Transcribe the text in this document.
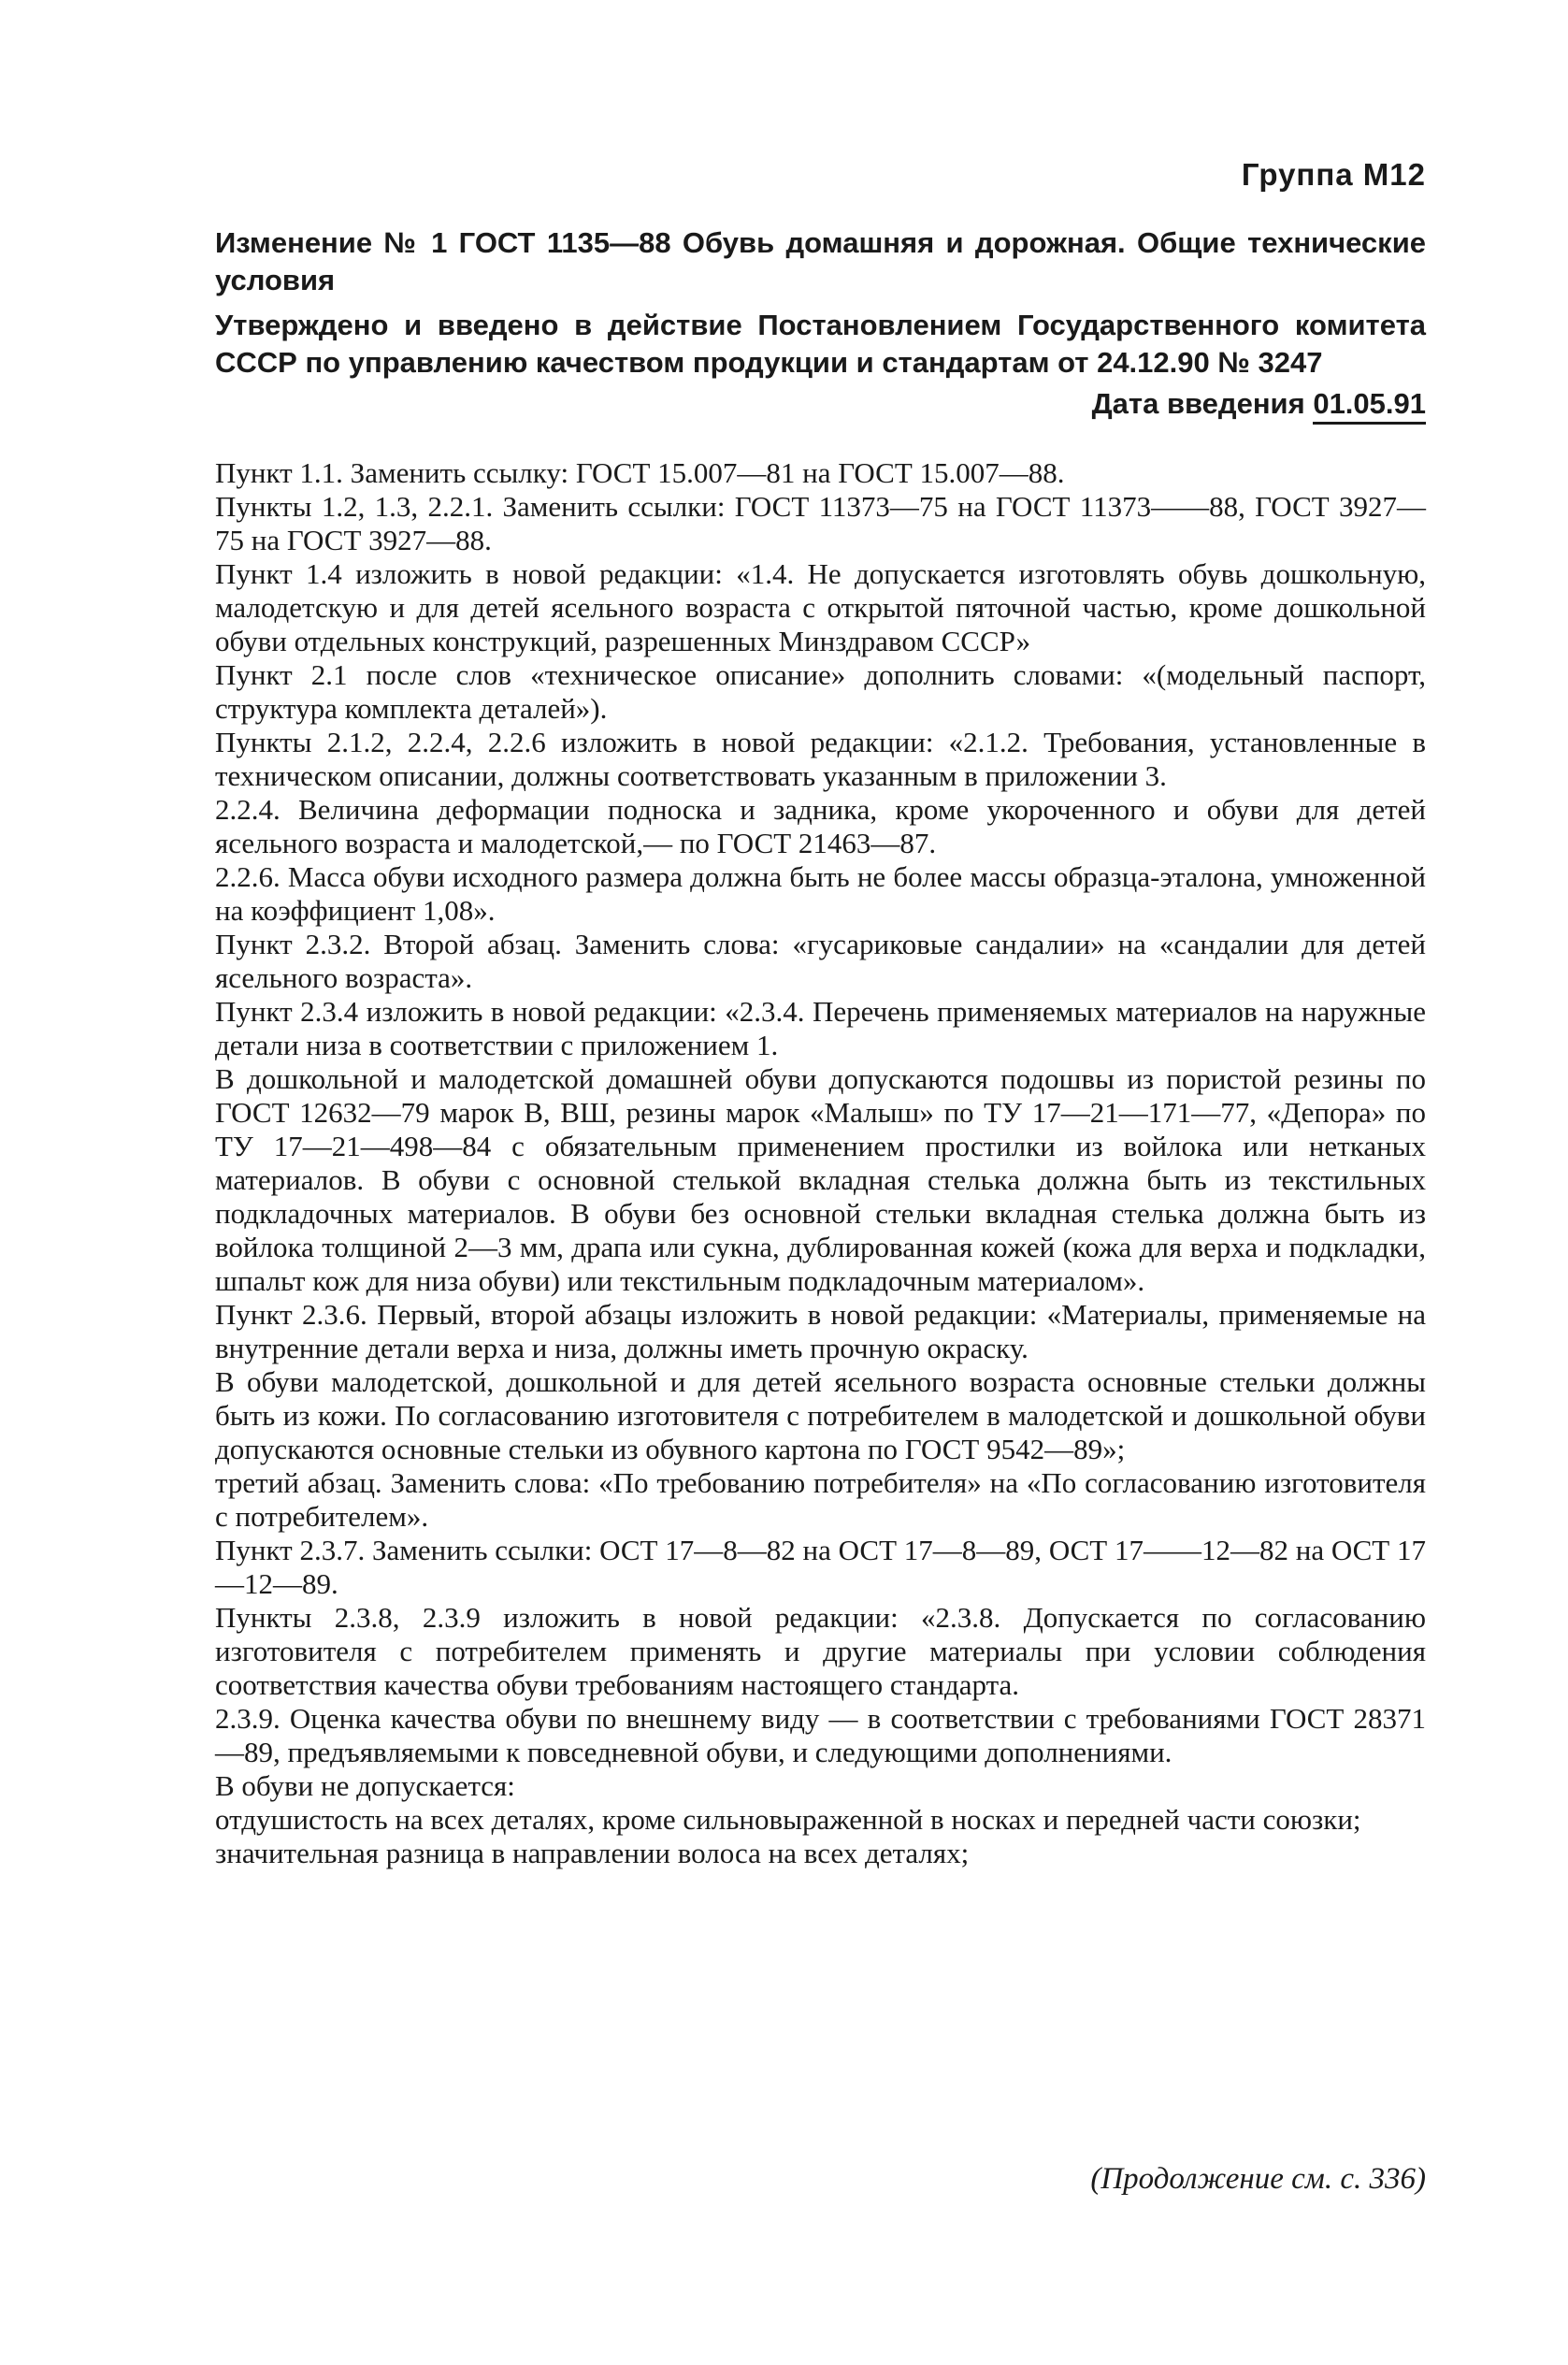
Группа М12

Изменение № 1 ГОСТ 1135—88 Обувь домашняя и дорожная. Общие технические условия

Утверждено и введено в действие Постановлением Государственного комитета СССР по управлению качеством продукции и стандартам от 24.12.90 № 3247

Дата введения 01.05.91

Пункт 1.1. Заменить ссылку: ГОСТ 15.007—81 на ГОСТ 15.007—88.

Пункты 1.2, 1.3, 2.2.1. Заменить ссылки: ГОСТ 11373—75 на ГОСТ 11373——88, ГОСТ 3927—75 на ГОСТ 3927—88.

Пункт 1.4 изложить в новой редакции: «1.4. Не допускается изготовлять обувь дошкольную, малодетскую и для детей ясельного возраста с открытой пяточной частью, кроме дошкольной обуви отдельных конструкций, разрешенных Минздравом СССР»

Пункт 2.1 после слов «техническое описание» дополнить словами: «(модельный паспорт, структура комплекта деталей»).

Пункты 2.1.2, 2.2.4, 2.2.6 изложить в новой редакции: «2.1.2. Требования, установленные в техническом описании, должны соответствовать указанным в приложении 3.

2.2.4. Величина деформации подноска и задника, кроме укороченного и обуви для детей ясельного возраста и малодетской,— по ГОСТ 21463—87.

2.2.6. Масса обуви исходного размера должна быть не более массы образца-эталона, умноженной на коэффициент 1,08».

Пункт 2.3.2. Второй абзац. Заменить слова: «гусариковые сандалии» на «сандалии для детей ясельного возраста».

Пункт 2.3.4 изложить в новой редакции: «2.3.4. Перечень применяемых материалов на наружные детали низа в соответствии с приложением 1.

В дошкольной и малодетской домашней обуви допускаются подошвы из пористой резины по ГОСТ 12632—79 марок В, ВШ, резины марок «Малыш» по ТУ 17—21—171—77, «Депора» по ТУ 17—21—498—84 с обязательным применением простилки из войлока или нетканых материалов. В обуви с основной стелькой вкладная стелька должна быть из текстильных подкладочных материалов. В обуви без основной стельки вкладная стелька должна быть из войлока толщиной 2—3 мм, драпа или сукна, дублированная кожей (кожа для верха и подкладки, шпальт кож для низа обуви) или текстильным подкладочным материалом».

Пункт 2.3.6. Первый, второй абзацы изложить в новой редакции: «Материалы, применяемые на внутренние детали верха и низа, должны иметь прочную окраску.

В обуви малодетской, дошкольной и для детей ясельного возраста основные стельки должны быть из кожи. По согласованию изготовителя с потребителем в малодетской и дошкольной обуви допускаются основные стельки из обувного картона по ГОСТ 9542—89»;

третий абзац. Заменить слова: «По требованию потребителя» на «По согласованию изготовителя с потребителем».

Пункт 2.3.7. Заменить ссылки: ОСТ 17—8—82 на ОСТ 17—8—89, ОСТ 17——12—82 на ОСТ 17—12—89.

Пункты 2.3.8, 2.3.9 изложить в новой редакции: «2.3.8. Допускается по согласованию изготовителя с потребителем применять и другие материалы при условии соблюдения соответствия качества обуви требованиям настоящего стандарта.

2.3.9. Оценка качества обуви по внешнему виду — в соответствии с требованиями ГОСТ 28371—89, предъявляемыми к повседневной обуви, и следующими дополнениями.

В обуви не допускается:

отдушистость на всех деталях, кроме сильновыраженной в носках и передней части союзки;

значительная разница в направлении волоса на всех деталях;

(Продолжение см. с. 336)
